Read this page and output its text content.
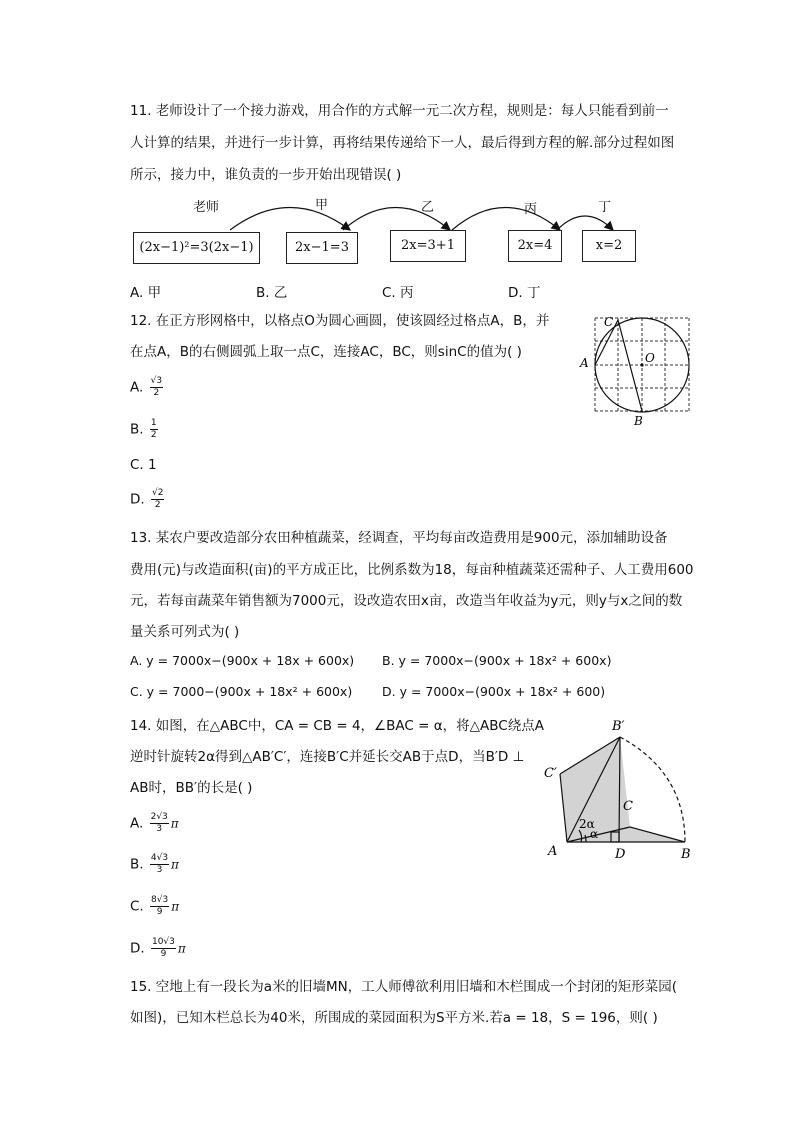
11. 老师设计了一个接力游戏，用合作的方式解一元二次方程，规则是：每人只能看到前一
人计算的结果，并进行一步计算，再将结果传递给下一人，最后得到方程的解.部分过程如图
所示，接力中，谁负责的一步开始出现错误( )
老师	甲	乙	丙	丁
(2x−1)²=3(2x−1)	2x−1=3	2x=3+1	2x=4	x=2
A. 甲	B. 乙	C. 丙	D. 丁
12. 在正方形网格中，以格点O为圆心画圆，使该圆经过格点A，B，并
在点A，B的右侧圆弧上取一点C，连接AC，BC，则sinC的值为( )
A. $\frac{√3}{2}$
B. $\frac{1}{2}$
C. 1
D. $\frac{√2}{2}$
C
A	O
B
13. 某农户要改造部分农田种植蔬菜，经调查，平均每亩改造费用是900元，添加辅助设备
费用(元)与改造面积(亩)的平方成正比，比例系数为18，每亩种植蔬菜还需种子、人工费用600
元，若每亩蔬菜年销售额为7000元，设改造农田x亩，改造当年收益为y元，则y与x之间的数
量关系可列式为( )
A. y = 7000x−(900x + 18x + 600x) B. y = 7000x−(900x + 18x² + 600x)
C. y = 7000−(900x + 18x² + 600x) D. y = 7000x−(900x + 18x² + 600)
14. 如图，在△ABC中，CA = CB = 4，∠BAC = α，将△ABC绕点A
逆时针旋转2α得到△AB′C′，连接B′C并延长交AB于点D，当B′D ⊥
AB时，BB′的长是( )
A. $\frac{2√3}{3}$ π
B. $\frac{4√3}{3}$ π
C. $\frac{8√3}{9}$ π
D. $\frac{10√3}{9}$ π
B′
C′
C
2α
α
A	D	B
15. 空地上有一段长为a米的旧墙MN，工人师傅欲利用旧墙和木栏围成一个封闭的矩形菜园(
如图)，已知木栏总长为40米，所围成的菜园面积为S平方米.若a = 18，S = 196，则( )
